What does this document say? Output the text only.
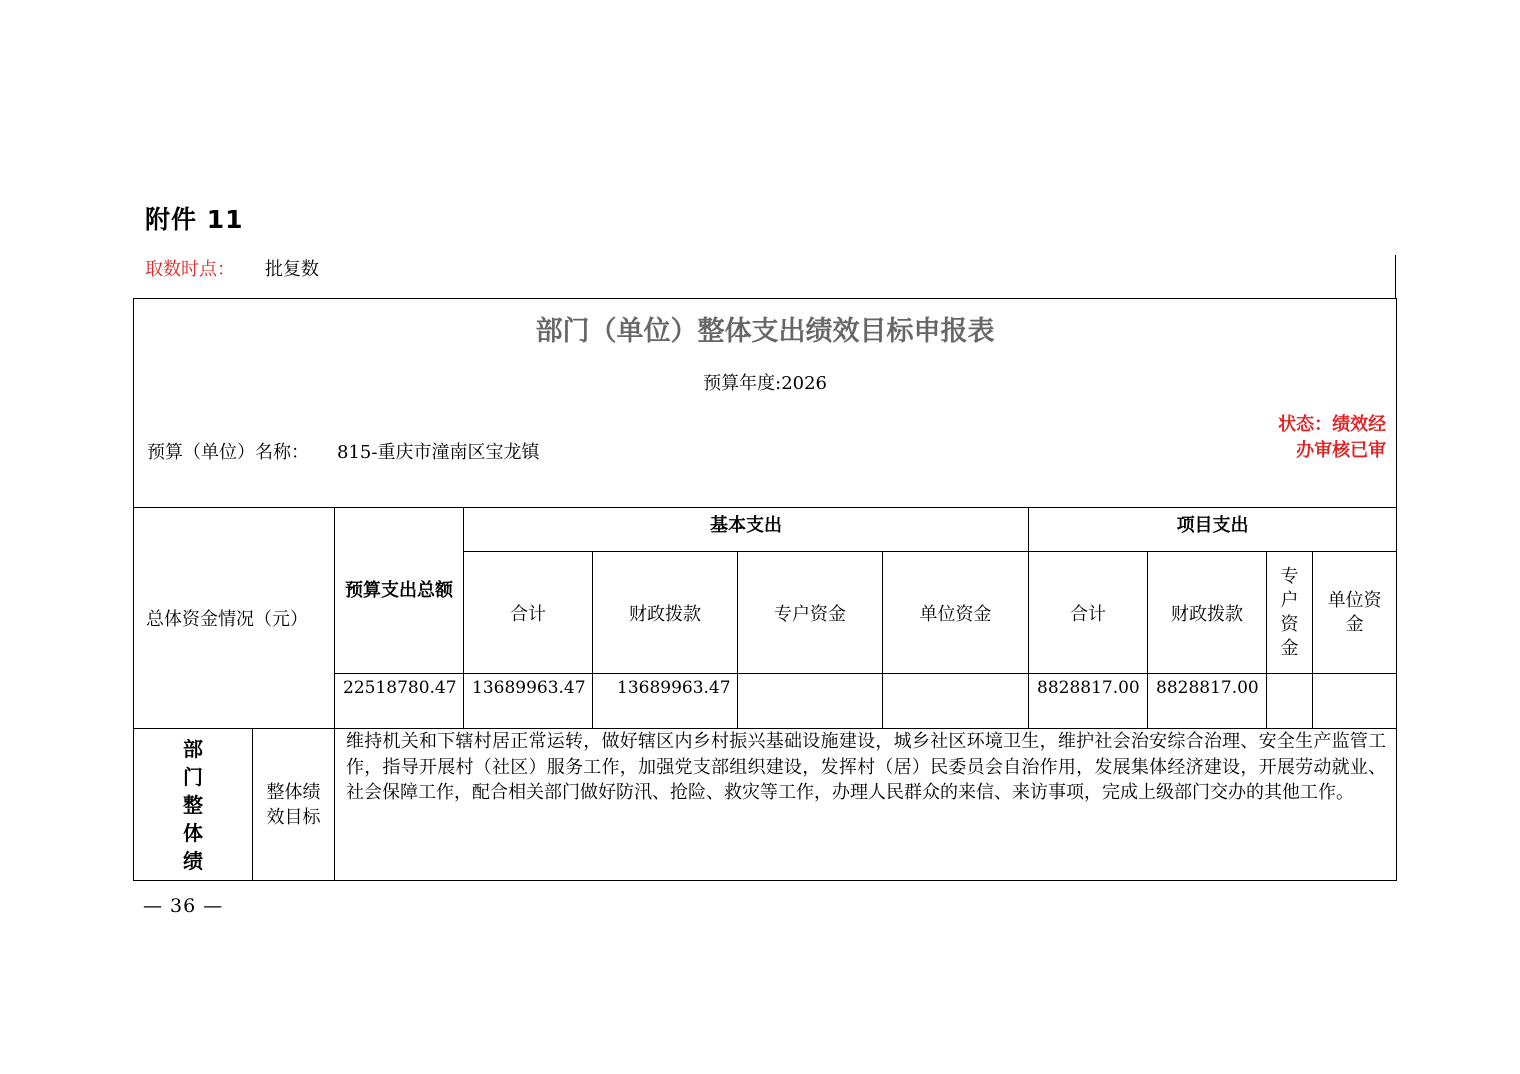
附件 11
取数时点： 批复数
部门（单位）整体支出绩效目标申报表
预算年度:2026
预算（单位）名称： 815-重庆市潼南区宝龙镇
状态：绩效经办审核已审										

总体资金情况（元）		预算支出总额	基本支出				项目支出			
			合计	财政拨款	专户资金	单位资金	合计	财政拨款	专户资金	单位资金
		22518780.47	13689963.47	13689963.47			8828817.00	8828817.00		
部门整体绩	整体绩效目标	维持机关和下辖村居正常运转，做好辖区内乡村振兴基础设施建设，城乡社区环境卫生，维护社会治安综合治理、安全生产监管工作，指导开展村（社区）服务工作，加强党支部组织建设，发挥村（居）民委员会自治作用，发展集体经济建设，开展劳动就业、社会保障工作，配合相关部门做好防汛、抢险、救灾等工作，办理人民群众的来信、来访事项，完成上级部门交办的其他工作。								
— 36 —
